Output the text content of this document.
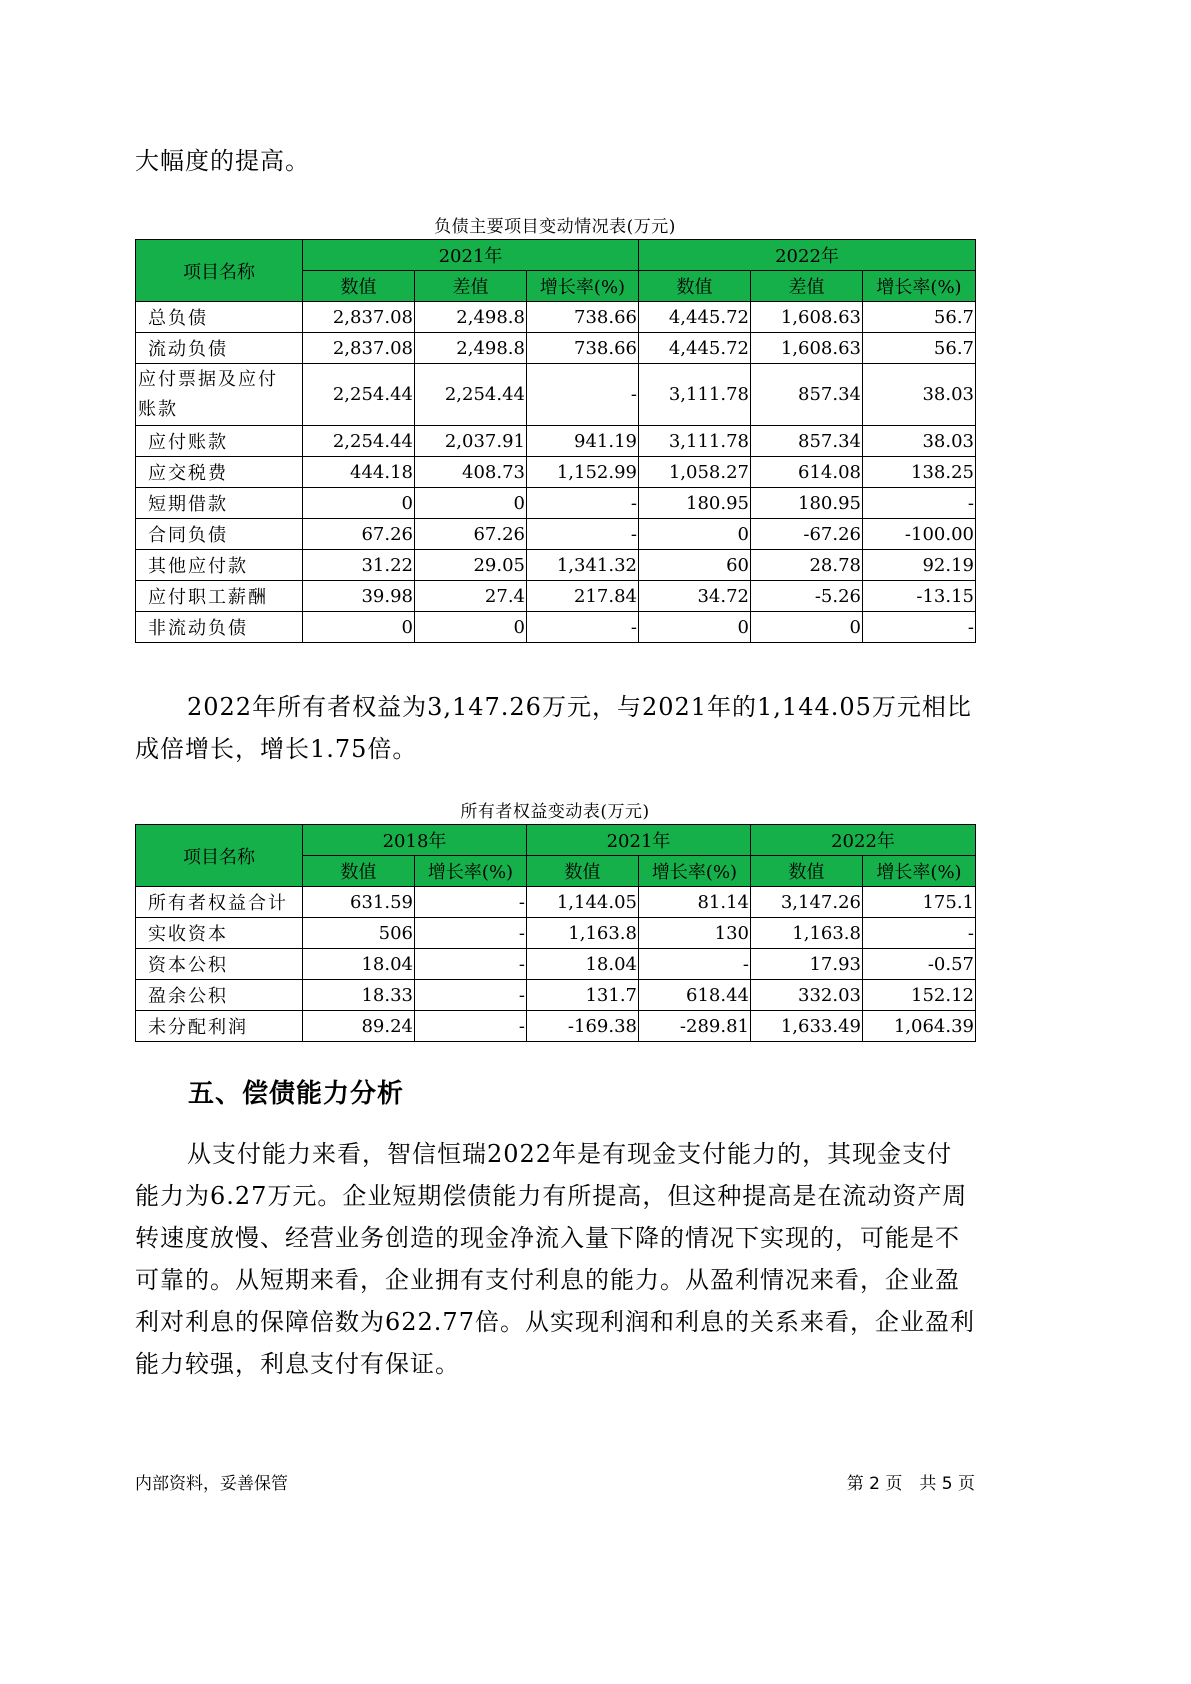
大幅度的提高。
负债主要项目变动情况表(万元)
项目名称	2021年			2022年		
	数值	差值	增长率(%)	数值	差值	增长率(%)
总负债	2,837.08	2,498.8	738.66	4,445.72	1,608.63	56.7
流动负债	2,837.08	2,498.8	738.66	4,445.72	1,608.63	56.7
应付票据及应付账款	2,254.44	2,254.44	-	3,111.78	857.34	38.03
应付账款	2,254.44	2,037.91	941.19	3,111.78	857.34	38.03
应交税费	444.18	408.73	1,152.99	1,058.27	614.08	138.25
短期借款	0	0	-	180.95	180.95	-
合同负债	67.26	67.26	-	0	-67.26	-100.00
其他应付款	31.22	29.05	1,341.32	60	28.78	92.19
应付职工薪酬	39.98	27.4	217.84	34.72	-5.26	-13.15
非流动负债	0	0	-	0	0	-
2022年所有者权益为3,147.26万元，与2021年的1,144.05万元相比成倍增长，增长1.75倍。
所有者权益变动表(万元)
项目名称	2018年		2021年		2022年	
	数值	增长率(%)	数值	增长率(%)	数值	增长率(%)
所有者权益合计	631.59	-	1,144.05	81.14	3,147.26	175.1
实收资本	506	-	1,163.8	130	1,163.8	-
资本公积	18.04	-	18.04	-	17.93	-0.57
盈余公积	18.33	-	131.7	618.44	332.03	152.12
未分配利润	89.24	-	-169.38	-289.81	1,633.49	1,064.39
五、偿债能力分析
从支付能力来看，智信恒瑞2022年是有现金支付能力的，其现金支付能力为6.27万元。企业短期偿债能力有所提高，但这种提高是在流动资产周转速度放慢、经营业务创造的现金净流入量下降的情况下实现的，可能是不可靠的。从短期来看，企业拥有支付利息的能力。从盈利情况来看，企业盈利对利息的保障倍数为622.77倍。从实现利润和利息的关系来看，企业盈利能力较强，利息支付有保证。
内部资料，妥善保管	第 2 页　共 5 页
